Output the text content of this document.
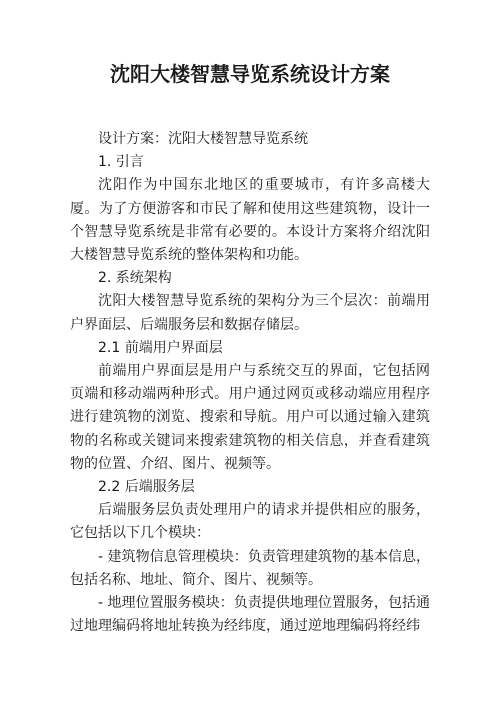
沈阳大楼智慧导览系统设计方案

设计方案：沈阳大楼智慧导览系统

1. 引言

沈阳作为中国东北地区的重要城市，有许多高楼大厦。为了方便游客和市民了解和使用这些建筑物，设计一个智慧导览系统是非常有必要的。本设计方案将介绍沈阳大楼智慧导览系统的整体架构和功能。

2. 系统架构

沈阳大楼智慧导览系统的架构分为三个层次：前端用户界面层、后端服务层和数据存储层。

2.1 前端用户界面层

前端用户界面层是用户与系统交互的界面，它包括网页端和移动端两种形式。用户通过网页或移动端应用程序进行建筑物的浏览、搜索和导航。用户可以通过输入建筑物的名称或关键词来搜索建筑物的相关信息，并查看建筑物的位置、介绍、图片、视频等。

2.2 后端服务层

后端服务层负责处理用户的请求并提供相应的服务，它包括以下几个模块：

- 建筑物信息管理模块：负责管理建筑物的基本信息，包括名称、地址、简介、图片、视频等。

- 地理位置服务模块：负责提供地理位置服务，包括通过地理编码将地址转换为经纬度，通过逆地理编码将经纬
